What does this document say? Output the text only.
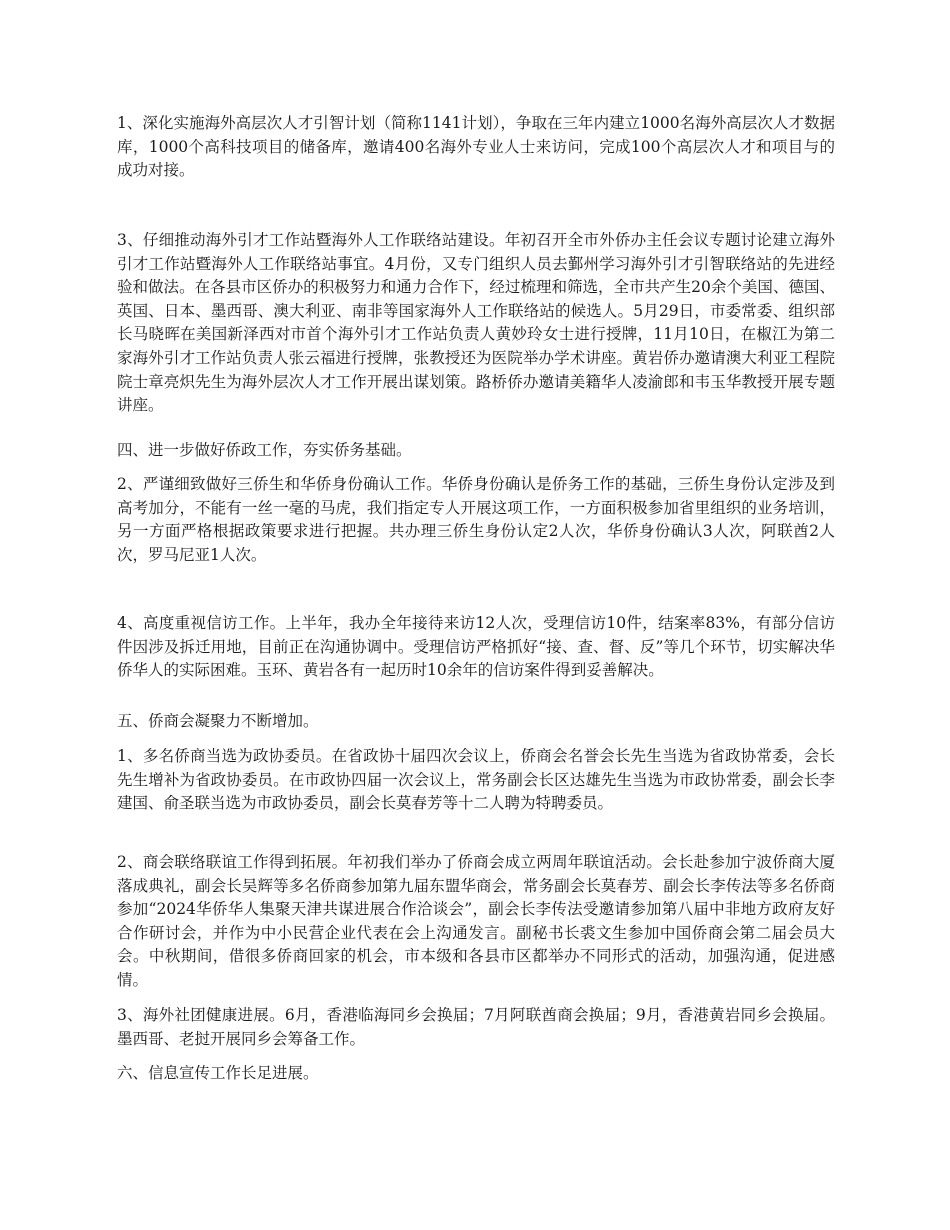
1、深化实施海外高层次人才引智计划（简称1141计划），争取在三年内建立1000名海外高层次人才数据库，1000个高科技项目的储备库，邀请400名海外专业人士来访问，完成100个高层次人才和项目与的成功对接。

3、仔细推动海外引才工作站暨海外人工作联络站建设。年初召开全市外侨办主任会议专题讨论建立海外引才工作站暨海外人工作联络站事宜。4月份，又专门组织人员去鄞州学习海外引才引智联络站的先进经验和做法。在各县市区侨办的积极努力和通力合作下，经过梳理和筛选，全市共产生20余个美国、德国、英国、日本、墨西哥、澳大利亚、南非等国家海外人工作联络站的候选人。5月29日，市委常委、组织部长马晓晖在美国新泽西对市首个海外引才工作站负责人黄妙玲女士进行授牌，11月10日，在椒江为第二家海外引才工作站负责人张云福进行授牌，张教授还为医院举办学术讲座。黄岩侨办邀请澳大利亚工程院院士章亮炽先生为海外层次人才工作开展出谋划策。路桥侨办邀请美籍华人凌渝郎和韦玉华教授开展专题讲座。

四、进一步做好侨政工作，夯实侨务基础。

2、严谨细致做好三侨生和华侨身份确认工作。华侨身份确认是侨务工作的基础，三侨生身份认定涉及到高考加分，不能有一丝一毫的马虎，我们指定专人开展这项工作，一方面积极参加省里组织的业务培训，另一方面严格根据政策要求进行把握。共办理三侨生身份认定2人次，华侨身份确认3人次，阿联酋2人次，罗马尼亚1人次。

4、高度重视信访工作。上半年，我办全年接待来访12人次，受理信访10件，结案率83%，有部分信访件因涉及拆迁用地，目前正在沟通协调中。受理信访严格抓好“接、查、督、反”等几个环节，切实解决华侨华人的实际困难。玉环、黄岩各有一起历时10余年的信访案件得到妥善解决。

五、侨商会凝聚力不断增加。

1、多名侨商当选为政协委员。在省政协十届四次会议上，侨商会名誉会长先生当选为省政协常委，会长先生增补为省政协委员。在市政协四届一次会议上，常务副会长区达雄先生当选为市政协常委，副会长李建国、俞圣联当选为市政协委员，副会长莫春芳等十二人聘为特聘委员。

2、商会联络联谊工作得到拓展。年初我们举办了侨商会成立两周年联谊活动。会长赴参加宁波侨商大厦落成典礼，副会长吴辉等多名侨商参加第九届东盟华商会，常务副会长莫春芳、副会长李传法等多名侨商参加“2024华侨华人集聚天津共谋进展合作洽谈会”，副会长李传法受邀请参加第八届中非地方政府友好合作研讨会，并作为中小民营企业代表在会上沟通发言。副秘书长裘文生参加中国侨商会第二届会员大会。中秋期间，借很多侨商回家的机会，市本级和各县市区都举办不同形式的活动，加强沟通，促进感情。

3、海外社团健康进展。6月，香港临海同乡会换届；7月阿联酋商会换届；9月，香港黄岩同乡会换届。墨西哥、老挝开展同乡会筹备工作。

六、信息宣传工作长足进展。
